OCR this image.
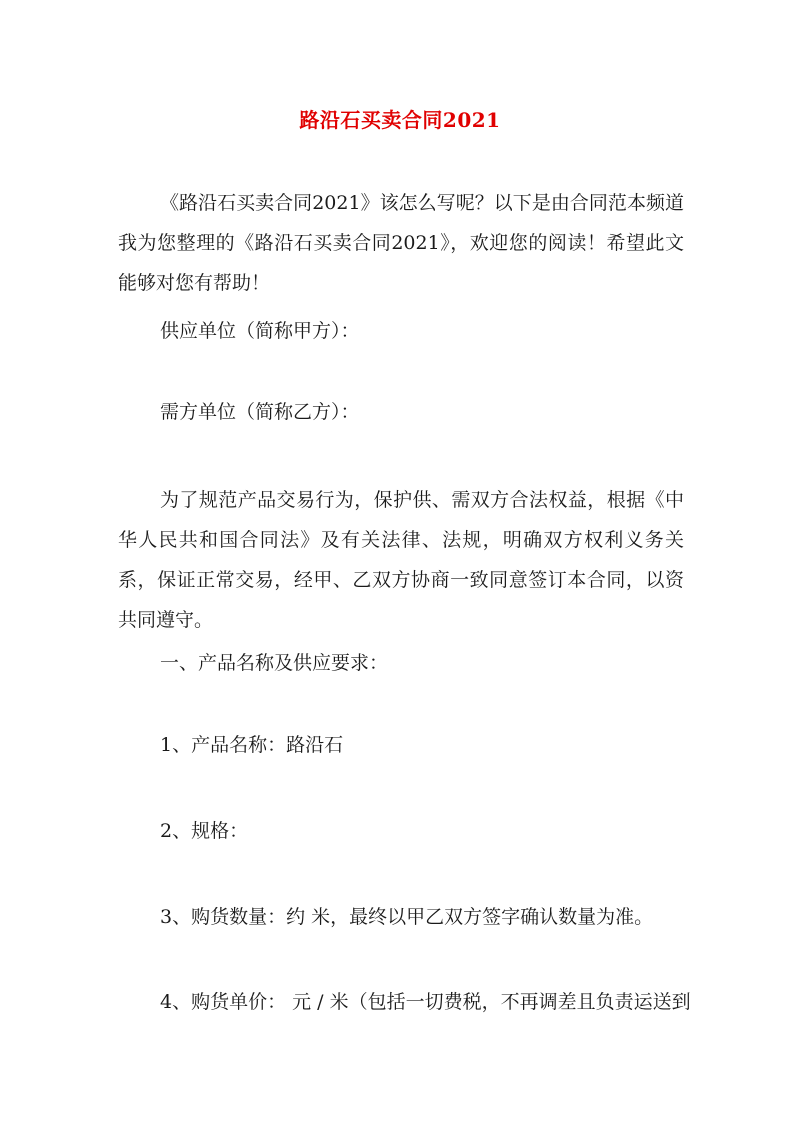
路沿石买卖合同2021
《路沿石买卖合同2021》该怎么写呢？以下是由合同范本频道我为您整理的《路沿石买卖合同2021》，欢迎您的阅读！希望此文能够对您有帮助！
供应单位（简称甲方）：
需方单位（简称乙方）：
为了规范产品交易行为，保护供、需双方合法权益，根据《中华人民共和国合同法》及有关法律、法规，明确双方权利义务关系，保证正常交易，经甲、乙双方协商一致同意签订本合同，以资共同遵守。
一、产品名称及供应要求：
1、产品名称：路沿石
2、规格：
3、购货数量：约 米，最终以甲乙双方签字确认数量为准。
4、购货单价： 元 / 米（包括一切费税，不再调差且负责运送到
